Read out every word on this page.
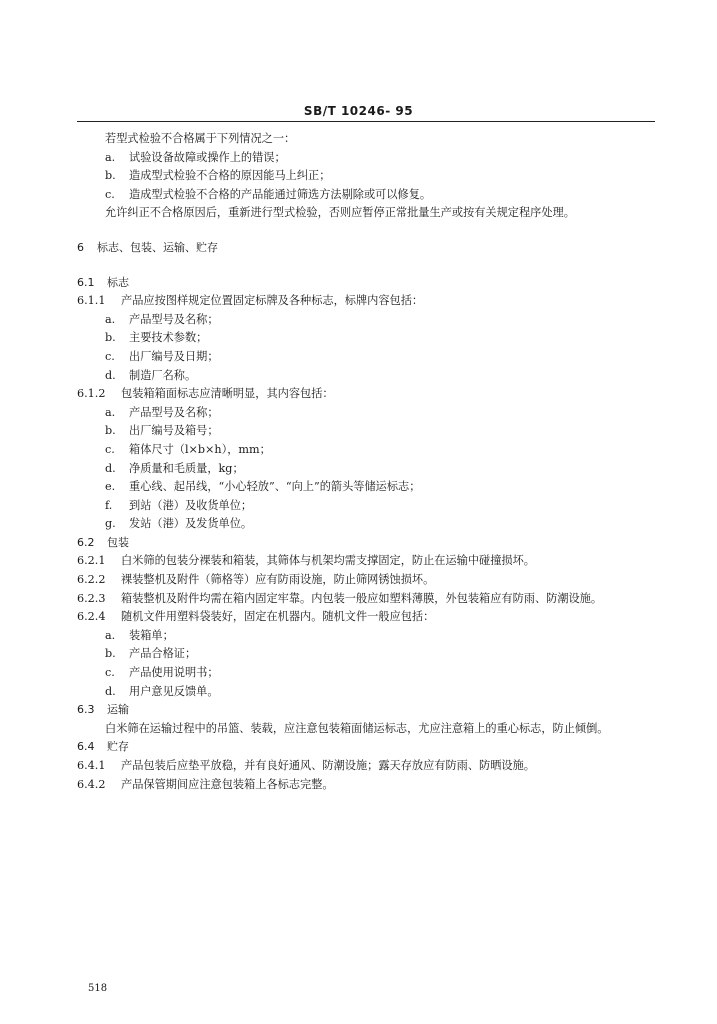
SB/T 10246- 95
若型式检验不合格属于下列情况之一：
a. 试验设备故障或操作上的错误；
b. 造成型式检验不合格的原因能马上纠正；
c. 造成型式检验不合格的产品能通过筛选方法剔除或可以修复。
允许纠正不合格原因后，重新进行型式检验，否则应暂停正常批量生产或按有关规定程序处理。
6 标志、包装、运输、贮存
6.1 标志
6.1.1 产品应按图样规定位置固定标牌及各种标志，标牌内容包括：
a. 产品型号及名称；
b. 主要技术参数；
c. 出厂编号及日期；
d. 制造厂名称。
6.1.2 包装箱箱面标志应清晰明显，其内容包括：
a. 产品型号及名称；
b. 出厂编号及箱号；
c. 箱体尺寸（l×b×h），mm；
d. 净质量和毛质量，kg；
e. 重心线、起吊线，“小心轻放”、“向上”的箭头等储运标志；
f. 到站（港）及收货单位；
g. 发站（港）及发货单位。
6.2 包装
6.2.1 白米筛的包装分裸装和箱装，其筛体与机架均需支撑固定，防止在运输中碰撞损坏。
6.2.2 裸装整机及附件（筛格等）应有防雨设施，防止筛网锈蚀损坏。
6.2.3 箱装整机及附件均需在箱内固定牢靠。内包装一般应如塑料薄膜，外包装箱应有防雨、防潮设施。
6.2.4 随机文件用塑料袋装好，固定在机器内。随机文件一般应包括：
a. 装箱单；
b. 产品合格证；
c. 产品使用说明书；
d. 用户意见反馈单。
6.3 运输
白米筛在运输过程中的吊篮、装载，应注意包装箱面储运标志，尤应注意箱上的重心标志，防止倾倒。
6.4 贮存
6.4.1 产品包装后应垫平放稳，并有良好通风、防潮设施；露天存放应有防雨、防晒设施。
6.4.2 产品保管期间应注意包装箱上各标志完整。
518
